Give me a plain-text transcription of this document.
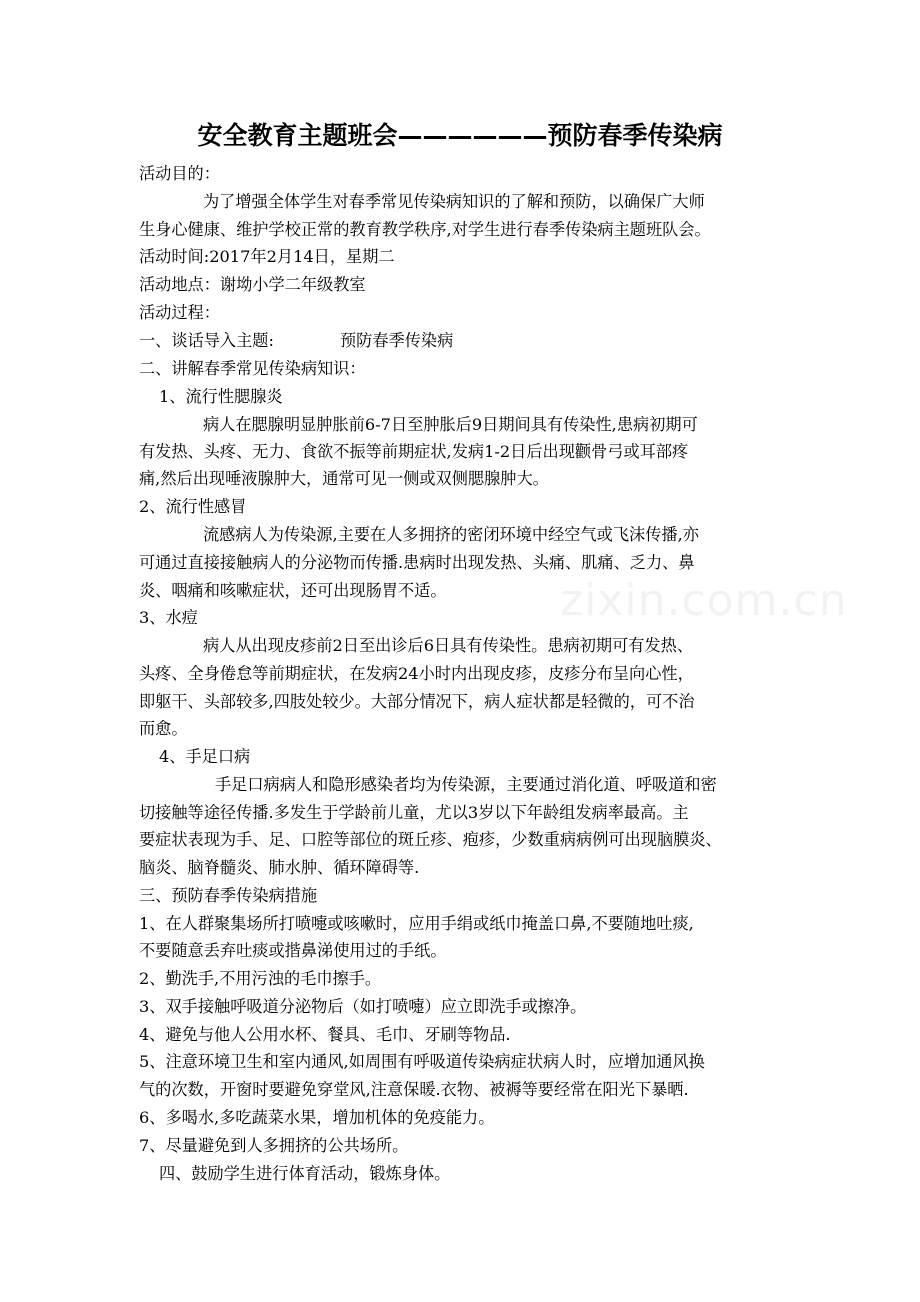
zixin.com.cn
安全教育主题班会——————预防春季传染病
活动目的：
为了增强全体学生对春季常见传染病知识的了解和预防，以确保广大师
生身心健康、维护学校正常的教育教学秩序,对学生进行春季传染病主题班队会。
活动时间:2017年2月14日，星期二
活动地点：谢坳小学二年级教室
活动过程：
一、谈话导入主题:	预防春季传染病
二、讲解春季常见传染病知识：
1、流行性腮腺炎
病人在腮腺明显肿胀前6-7日至肿胀后9日期间具有传染性,患病初期可
有发热、头疼、无力、食欲不振等前期症状,发病1-2日后出现颧骨弓或耳部疼
痛,然后出现唾液腺肿大，通常可见一侧或双侧腮腺肿大。
2、流行性感冒
流感病人为传染源,主要在人多拥挤的密闭环境中经空气或飞沫传播,亦
可通过直接接触病人的分泌物而传播.患病时出现发热、头痛、肌痛、乏力、鼻
炎、咽痛和咳嗽症状，还可出现肠胃不适。
3、水痘
病人从出现皮疹前2日至出诊后6日具有传染性。患病初期可有发热、
头疼、全身倦怠等前期症状，在发病24小时内出现皮疹，皮疹分布呈向心性，
即躯干、头部较多,四肢处较少。大部分情况下，病人症状都是轻微的，可不治
而愈。
4、手足口病
手足口病病人和隐形感染者均为传染源，主要通过消化道、呼吸道和密
切接触等途径传播.多发生于学龄前儿童，尤以3岁以下年龄组发病率最高。主
要症状表现为手、足、口腔等部位的斑丘疹、疱疹，少数重病病例可出现脑膜炎、
脑炎、脑脊髓炎、肺水肿、循环障碍等.
三、预防春季传染病措施
1、在人群聚集场所打喷嚏或咳嗽时，应用手绢或纸巾掩盖口鼻,不要随地吐痰,
不要随意丢弃吐痰或揩鼻涕使用过的手纸。
2、勤洗手,不用污浊的毛巾擦手。
3、双手接触呼吸道分泌物后（如打喷嚏）应立即洗手或擦净。
4、避免与他人公用水杯、餐具、毛巾、牙刷等物品.
5、注意环境卫生和室内通风,如周围有呼吸道传染病症状病人时，应增加通风换
气的次数，开窗时要避免穿堂风,注意保暖.衣物、被褥等要经常在阳光下暴晒.
6、多喝水,多吃蔬菜水果，增加机体的免疫能力。
7、尽量避免到人多拥挤的公共场所。
四、鼓励学生进行体育活动，锻炼身体。
